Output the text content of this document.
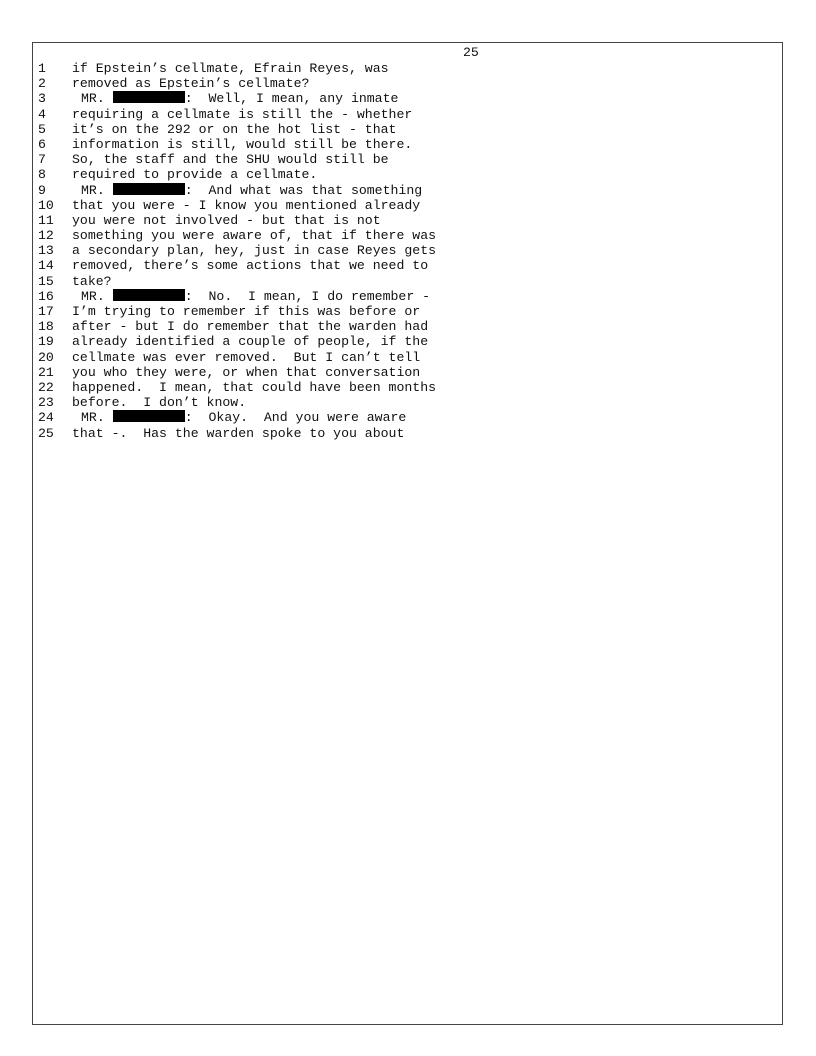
25
1 if Epstein’s cellmate, Efrain Reyes, was
2 removed as Epstein’s cellmate?
3	MR.	:  Well, I mean, any inmate
4 requiring a cellmate is still the - whether
5 it’s on the 292 or on the hot list - that
6 information is still, would still be there.
7 So, the staff and the SHU would still be
8 required to provide a cellmate.
9	MR.	:  And what was that something
10 that you were - I know you mentioned already
11 you were not involved - but that is not
12 something you were aware of, that if there was
13 a secondary plan, hey, just in case Reyes gets
14 removed, there’s some actions that we need to
15 take?
16 MR.	:  No.  I mean, I do remember -
17 I’m trying to remember if this was before or
18 after - but I do remember that the warden had
19 already identified a couple of people, if the
20 cellmate was ever removed.  But I can’t tell
21 you who they were, or when that conversation
22 happened.  I mean, that could have been months
23 before.  I don’t know.
24 MR.	:  Okay.  And you were aware
25 that -.  Has the warden spoke to you about
